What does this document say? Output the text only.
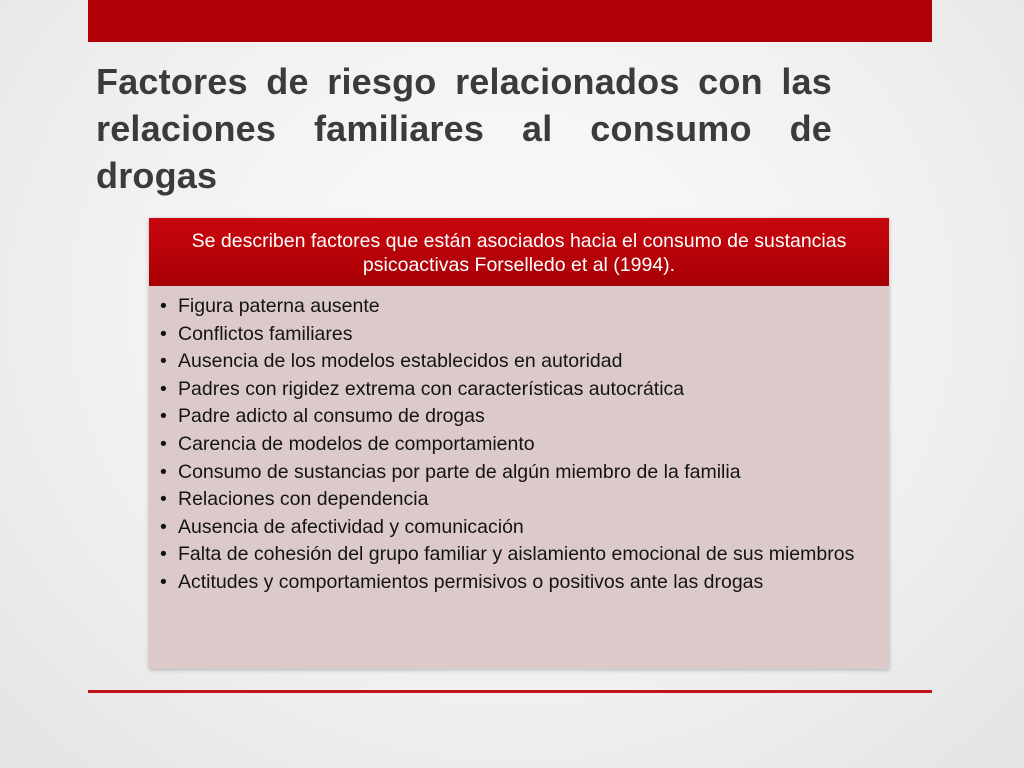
Factores de riesgo relacionados con las relaciones familiares al consumo de drogas
Se describen factores que están asociados hacia el consumo de sustancias psicoactivas Forselledo et al (1994).
• Figura paterna ausente
• Conflictos familiares
• Ausencia de los modelos establecidos en autoridad
• Padres con rigidez extrema con características autocrática
• Padre adicto al consumo de drogas
• Carencia de modelos de comportamiento
• Consumo de sustancias por parte de algún miembro de la familia
• Relaciones con dependencia
• Ausencia de afectividad y comunicación
• Falta de cohesión del grupo familiar y aislamiento emocional de sus miembros
• Actitudes y comportamientos permisivos o positivos ante las drogas
